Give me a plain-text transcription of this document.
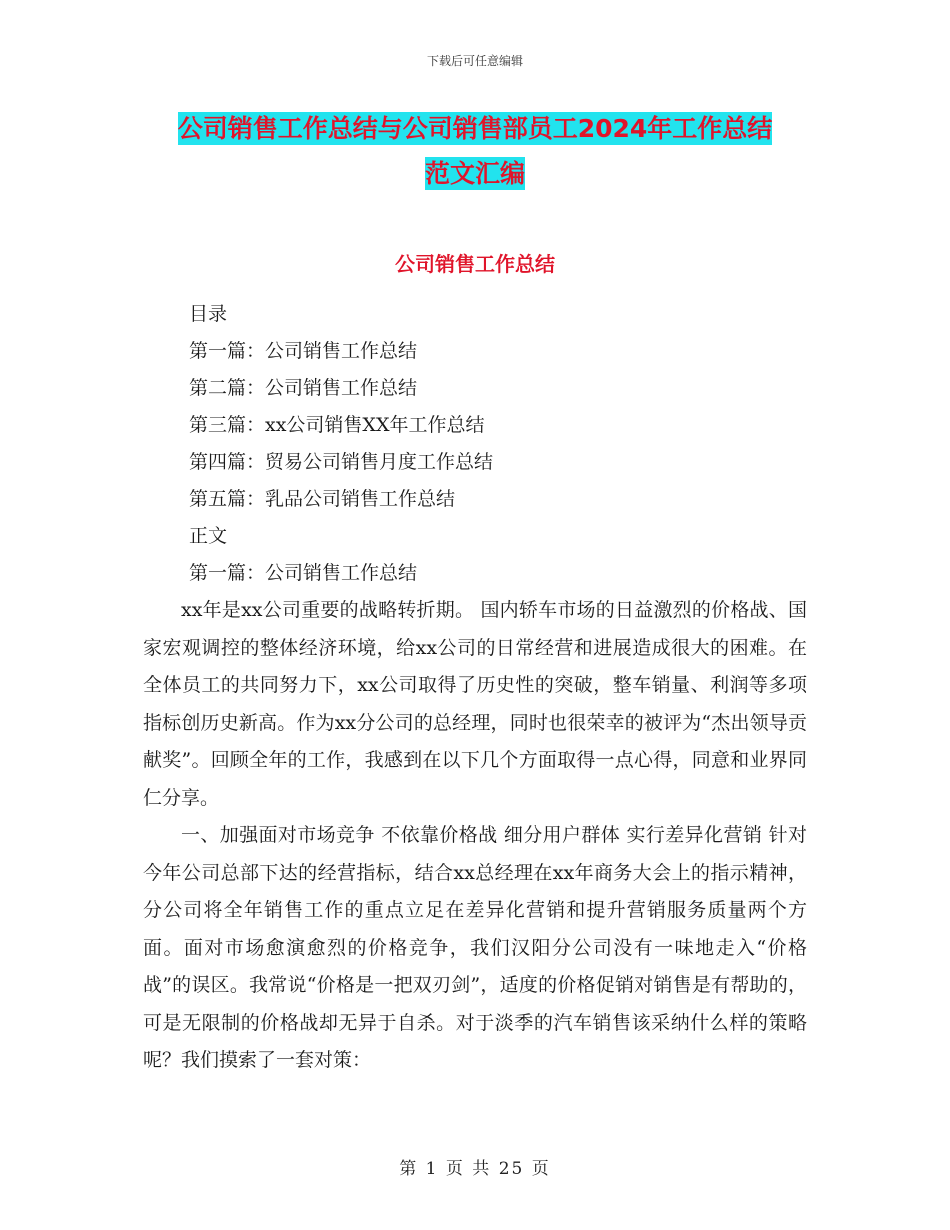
下载后可任意编辑
公司销售工作总结与公司销售部员工2024年工作总结
范文汇编
公司销售工作总结
目录
第一篇：公司销售工作总结
第二篇：公司销售工作总结
第三篇：xx公司销售XX年工作总结
第四篇：贸易公司销售月度工作总结
第五篇：乳品公司销售工作总结
正文
第一篇：公司销售工作总结

xx年是xx公司重要的战略转折期。 国内轿车市场的日益激烈的价格战、国家宏观调控的整体经济环境，给xx公司的日常经营和进展造成很大的困难。在全体员工的共同努力下，xx公司取得了历史性的突破，整车销量、利润等多项指标创历史新高。作为xx分公司的总经理，同时也很荣幸的被评为“杰出领导贡献奖”。回顾全年的工作，我感到在以下几个方面取得一点心得，同意和业界同仁分享。

一、加强面对市场竞争 不依靠价格战 细分用户群体 实行差异化营销 针对今年公司总部下达的经营指标，结合xx总经理在xx年商务大会上的指示精神，分公司将全年销售工作的重点立足在差异化营销和提升营销服务质量两个方面。面对市场愈演愈烈的价格竞争，我们汉阳分公司没有一味地走入“价格战”的误区。我常说“价格是一把双刃剑”，适度的价格促销对销售是有帮助的，可是无限制的价格战却无异于自杀。对于淡季的汽车销售该采纳什么样的策略呢？我们摸索了一套对策：

第 1 页 共 25 页
